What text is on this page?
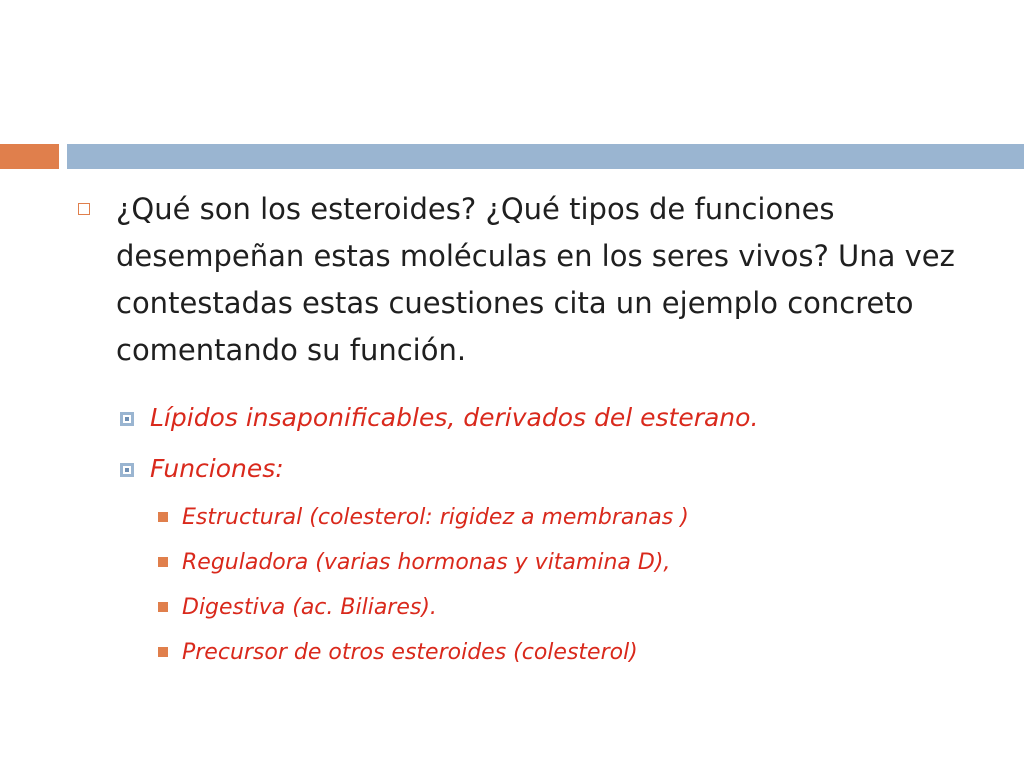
¿Qué son los esteroides? ¿Qué tipos de funciones desempeñan estas moléculas en los seres vivos? Una vez contestadas estas cuestiones cita un ejemplo concreto comentando su función.
Lípidos insaponificables, derivados del esterano.
Funciones:
Estructural (colesterol: rigidez a membranas )
Reguladora (varias hormonas y vitamina D),
Digestiva (ac. Biliares).
Precursor de otros esteroides (colesterol)
